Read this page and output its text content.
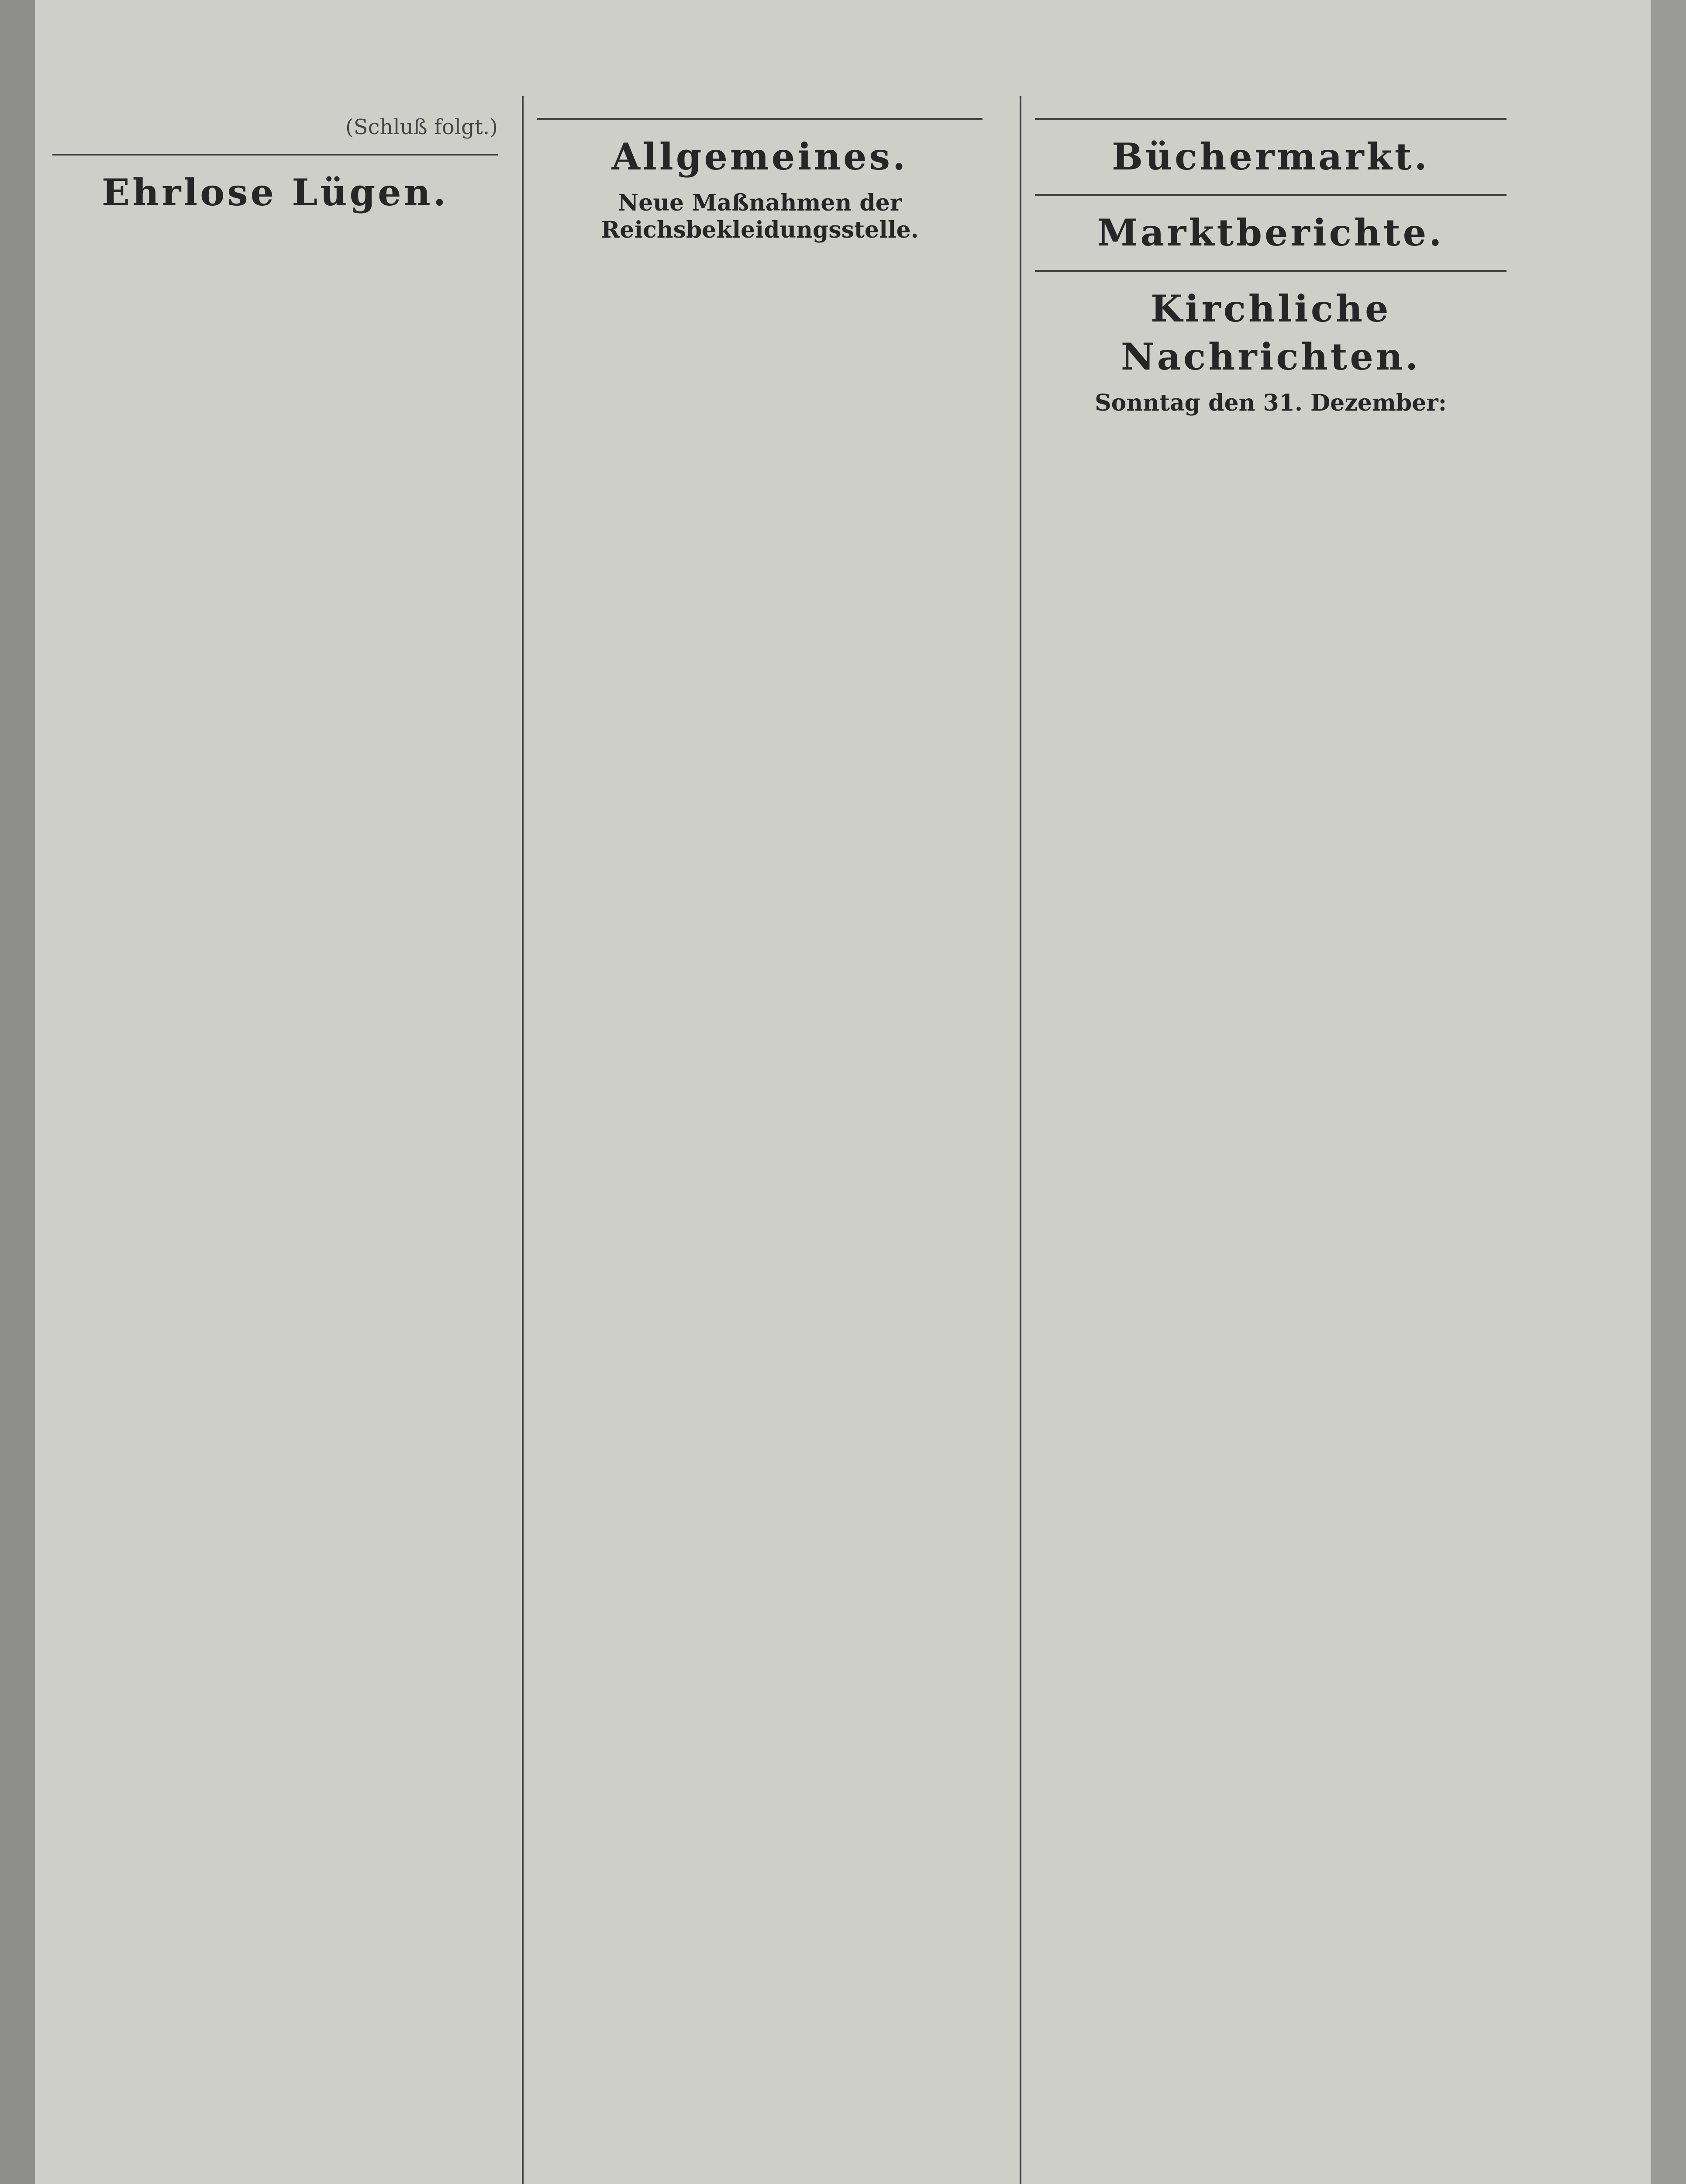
(Schluß folgt.)

Ehrlose Lügen.

Allgemeines.

Neue Maßnahmen der Reichsbekleidungsstelle.

Büchermarkt.

Marktberichte.

Kirchliche Nachrichten.
Sonntag den 31. Dezember:
